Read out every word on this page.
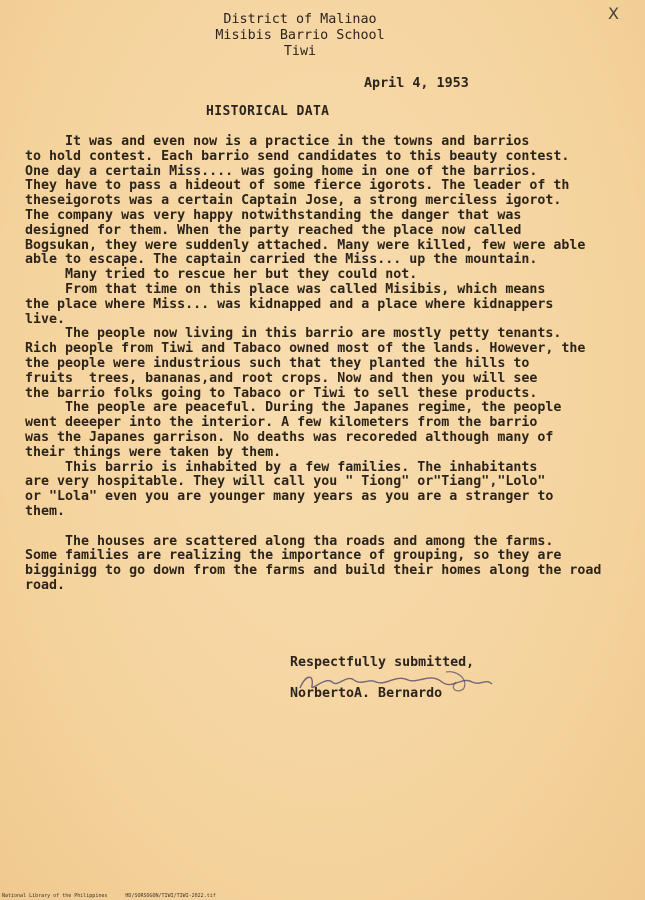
X
District of Malinao
Misibis Barrio School
Tiwi
April 4, 1953
HISTORICAL DATA
It was and even now is a practice in the towns and barrios
to hold contest. Each barrio send candidates to this beauty contest.
One day a certain Miss.... was going home in one of the barrios.
They have to pass a hideout of some fierce igorots. The leader of th
theseigorots was a certain Captain Jose, a strong merciless igorot.
The company was very happy notwithstanding the danger that was
designed for them. When the party reached the place now called
Bogsukan, they were suddenly attached. Many were killed, few were able
able to escape. The captain carried the Miss... up the mountain.
Many tried to rescue her but they could not.
From that time on this place was called Misibis, which means
the place where Miss... was kidnapped and a place where kidnappers
live.
The people now living in this barrio are mostly petty tenants.
Rich people from Tiwi and Tabaco owned most of the lands. However, the
the people were industrious such that they planted the hills to
fruits  trees, bananas,and root crops. Now and then you will see
the barrio folks going to Tabaco or Tiwi to sell these products.
The people are peaceful. During the Japanes regime, the people
went deeeper into the interior. A few kilometers from the barrio
was the Japanes garrison. No deaths was recoreded although many of
their things were taken by them.
This barrio is inhabited by a few families. The inhabitants
are very hospitable. They will call you " Tiong" or"Tiang","Lolo"
or "Lola" even you are younger many years as you are a stranger to
them.
The houses are scattered along tha roads and among the farms.
Some families are realizing the importance of grouping, so they are
bigginigg to go down from the farms and build their homes along the road
road.
Respectfully submitted,
NorbertoA. Bernardo
National Library of the Philippines	HD/SORSOGON/TIWI/TIWI-2022.tif
